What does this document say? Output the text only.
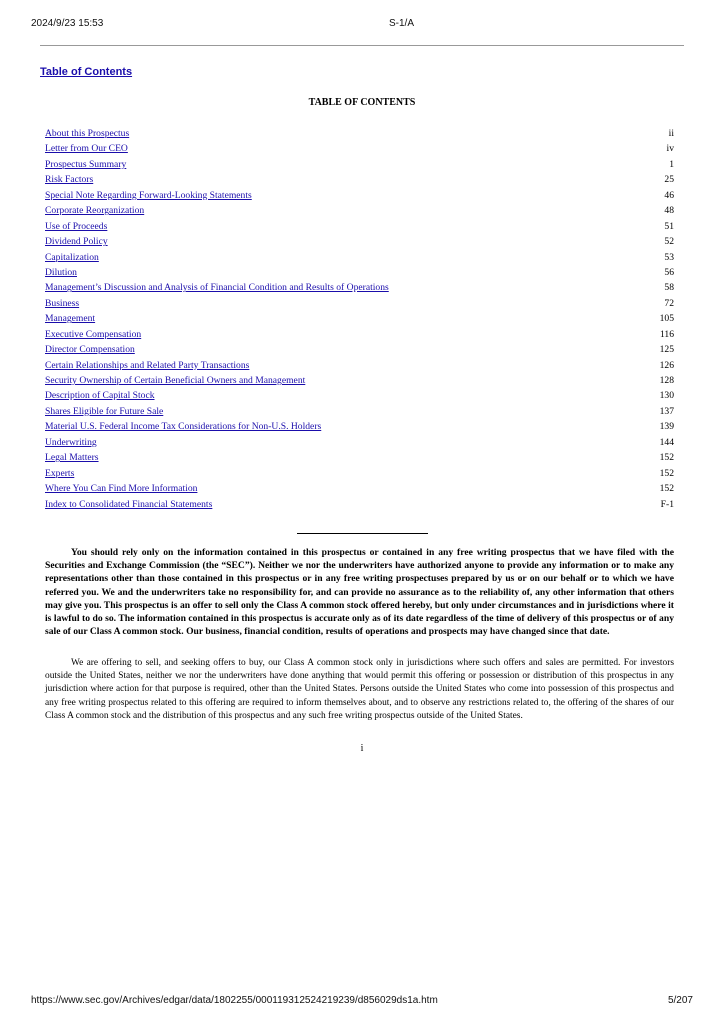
2024/9/23 15:53	S-1/A
Table of Contents
TABLE OF CONTENTS
About this Prospectus	ii
Letter from Our CEO	iv
Prospectus Summary	1
Risk Factors	25
Special Note Regarding Forward-Looking Statements	46
Corporate Reorganization	48
Use of Proceeds	51
Dividend Policy	52
Capitalization	53
Dilution	56
Management’s Discussion and Analysis of Financial Condition and Results of Operations	58
Business	72
Management	105
Executive Compensation	116
Director Compensation	125
Certain Relationships and Related Party Transactions	126
Security Ownership of Certain Beneficial Owners and Management	128
Description of Capital Stock	130
Shares Eligible for Future Sale	137
Material U.S. Federal Income Tax Considerations for Non-U.S. Holders	139
Underwriting	144
Legal Matters	152
Experts	152
Where You Can Find More Information	152
Index to Consolidated Financial Statements	F-1

You should rely only on the information contained in this prospectus or contained in any free writing prospectus that we have filed with the Securities and Exchange Commission (the “SEC”). Neither we nor the underwriters have authorized anyone to provide any information or to make any representations other than those contained in this prospectus or in any free writing prospectuses prepared by us or on our behalf or to which we have referred you. We and the underwriters take no responsibility for, and can provide no assurance as to the reliability of, any other information that others may give you. This prospectus is an offer to sell only the Class A common stock offered hereby, but only under circumstances and in jurisdictions where it is lawful to do so. The information contained in this prospectus is accurate only as of its date regardless of the time of delivery of this prospectus or of any sale of our Class A common stock. Our business, financial condition, results of operations and prospects may have changed since that date.

We are offering to sell, and seeking offers to buy, our Class A common stock only in jurisdictions where such offers and sales are permitted. For investors outside the United States, neither we nor the underwriters have done anything that would permit this offering or possession or distribution of this prospectus in any jurisdiction where action for that purpose is required, other than the United States. Persons outside the United States who come into possession of this prospectus and any free writing prospectus related to this offering are required to inform themselves about, and to observe any restrictions related to, the offering of the shares of our Class A common stock and the distribution of this prospectus and any such free writing prospectus outside of the United States.

i
https://www.sec.gov/Archives/edgar/data/1802255/000119312524219239/d856029ds1a.htm	5/207
